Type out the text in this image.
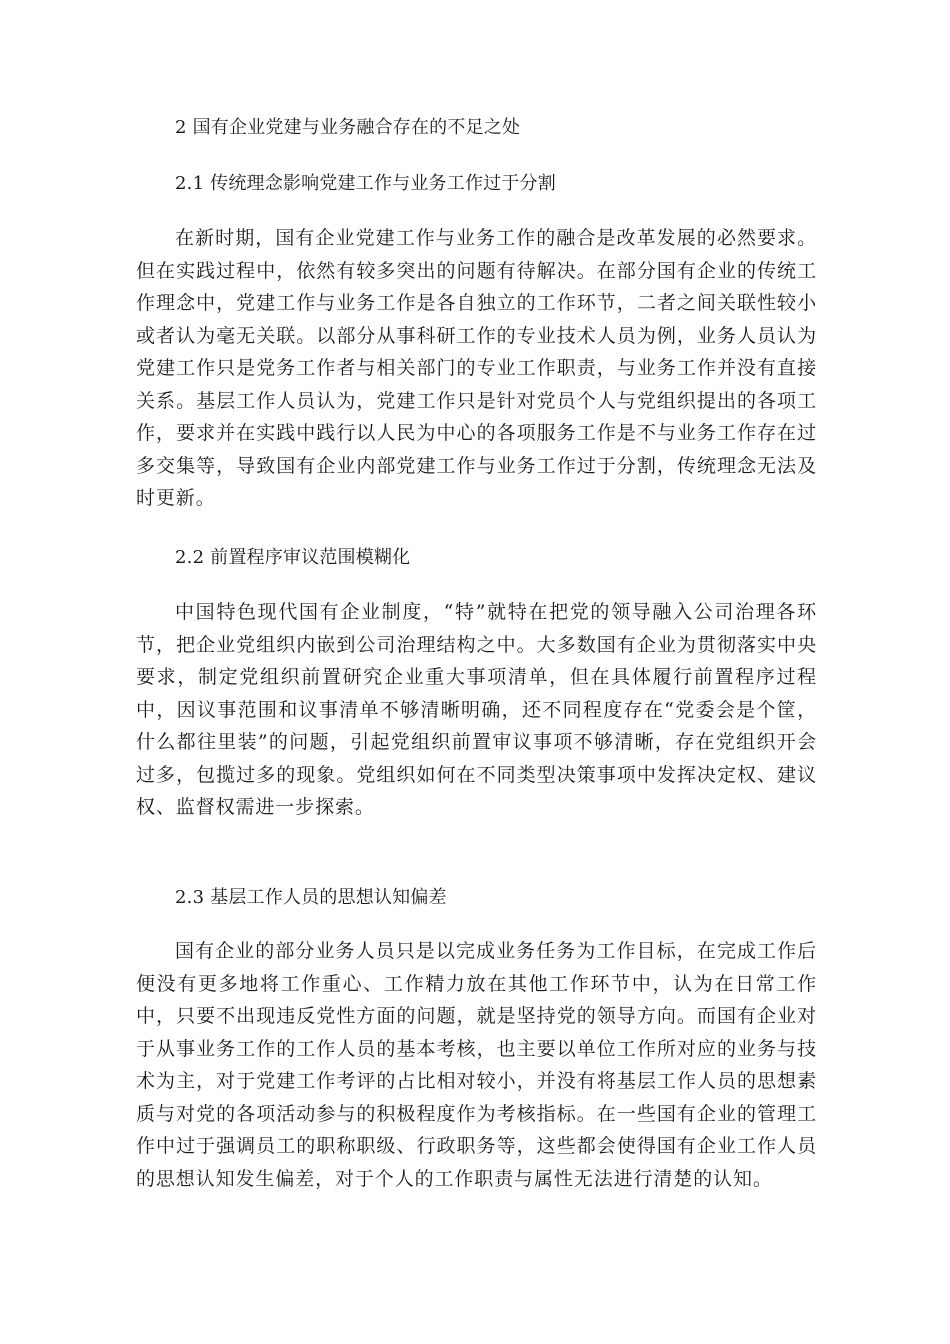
2 国有企业党建与业务融合存在的不足之处
2.1 传统理念影响党建工作与业务工作过于分割

在新时期，国有企业党建工作与业务工作的融合是改革发展的必然要求。但在实践过程中，依然有较多突出的问题有待解决。在部分国有企业的传统工作理念中，党建工作与业务工作是各自独立的工作环节，二者之间关联性较小或者认为毫无关联。以部分从事科研工作的专业技术人员为例，业务人员认为党建工作只是党务工作者与相关部门的专业工作职责，与业务工作并没有直接关系。基层工作人员认为，党建工作只是针对党员个人与党组织提出的各项工作，要求并在实践中践行以人民为中心的各项服务工作是不与业务工作存在过多交集等，导致国有企业内部党建工作与业务工作过于分割，传统理念无法及时更新。

2.2 前置程序审议范围模糊化

中国特色现代国有企业制度，“特”就特在把党的领导融入公司治理各环节，把企业党组织内嵌到公司治理结构之中。大多数国有企业为贯彻落实中央要求，制定党组织前置研究企业重大事项清单，但在具体履行前置程序过程中，因议事范围和议事清单不够清晰明确，还不同程度存在“党委会是个筐，什么都往里装”的问题，引起党组织前置审议事项不够清晰，存在党组织开会过多，包揽过多的现象。党组织如何在不同类型决策事项中发挥决定权、建议权、监督权需进一步探索。

2.3 基层工作人员的思想认知偏差

国有企业的部分业务人员只是以完成业务任务为工作目标，在完成工作后便没有更多地将工作重心、工作精力放在其他工作环节中，认为在日常工作中，只要不出现违反党性方面的问题，就是坚持党的领导方向。而国有企业对于从事业务工作的工作人员的基本考核，也主要以单位工作所对应的业务与技术为主，对于党建工作考评的占比相对较小，并没有将基层工作人员的思想素质与对党的各项活动参与的积极程度作为考核指标。在一些国有企业的管理工作中过于强调员工的职称职级、行政职务等，这些都会使得国有企业工作人员的思想认知发生偏差，对于个人的工作职责与属性无法进行清楚的认知。
